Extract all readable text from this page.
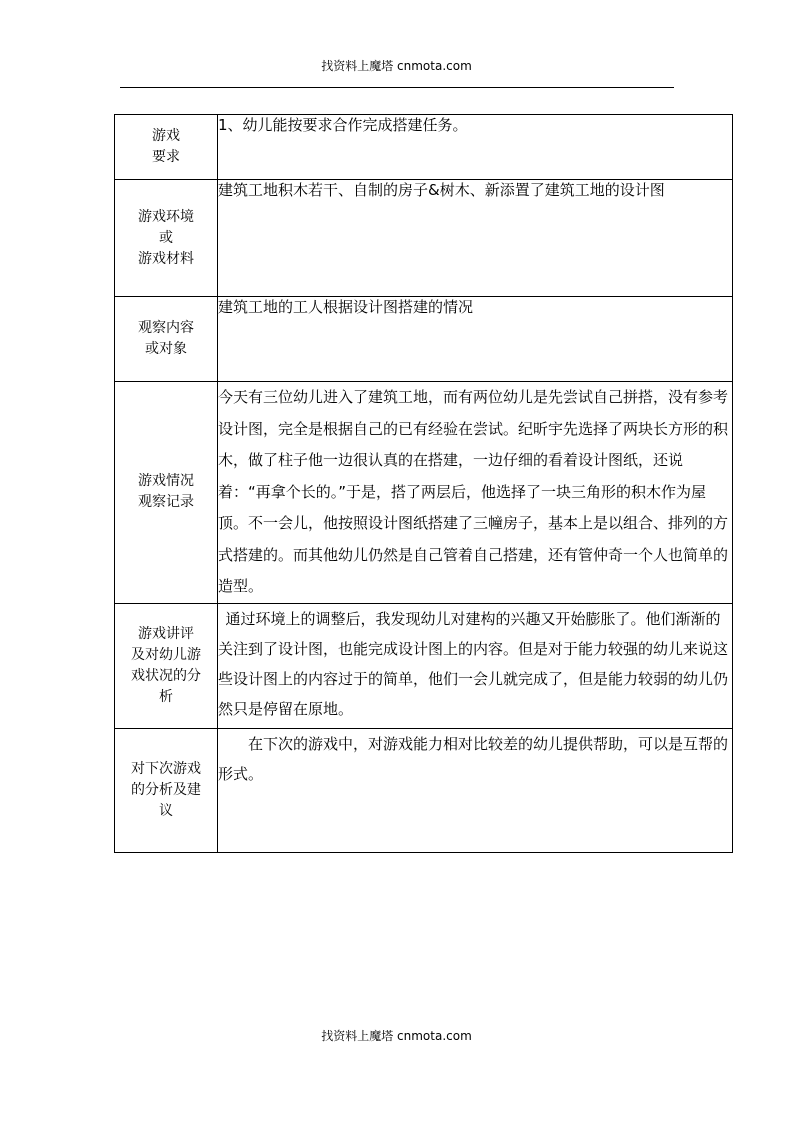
找资料上魔塔 cnmota.com
游戏
要求	1、幼儿能按要求合作完成搭建任务。

游戏环境
或
游戏材料	建筑工地积木若干、自制的房子&树木、新添置了建筑工地的设计图

观察内容
或对象	建筑工地的工人根据设计图搭建的情况

游戏情况
观察记录	今天有三位幼儿进入了建筑工地，而有两位幼儿是先尝试自己拼搭，没有参考设计图，完全是根据自己的已有经验在尝试。纪昕宇先选择了两块长方形的积木，做了柱子他一边很认真的在搭建，一边仔细的看着设计图纸，还说着：“再拿个长的。”于是，搭了两层后，他选择了一块三角形的积木作为屋顶。不一会儿，他按照设计图纸搭建了三幢房子，基本上是以组合、排列的方式搭建的。而其他幼儿仍然是自己管着自己搭建，还有管仲奇一个人也简单的造型。

游戏讲评
及对幼儿游
戏状况的分
析	通过环境上的调整后，我发现幼儿对建构的兴趣又开始膨胀了。他们渐渐的关注到了设计图，也能完成设计图上的内容。但是对于能力较强的幼儿来说这些设计图上的内容过于的简单，他们一会儿就完成了，但是能力较弱的幼儿仍然只是停留在原地。

对下次游戏
的分析及建
议	在下次的游戏中，对游戏能力相对比较差的幼儿提供帮助，可以是互帮的形式。
找资料上魔塔 cnmota.com
